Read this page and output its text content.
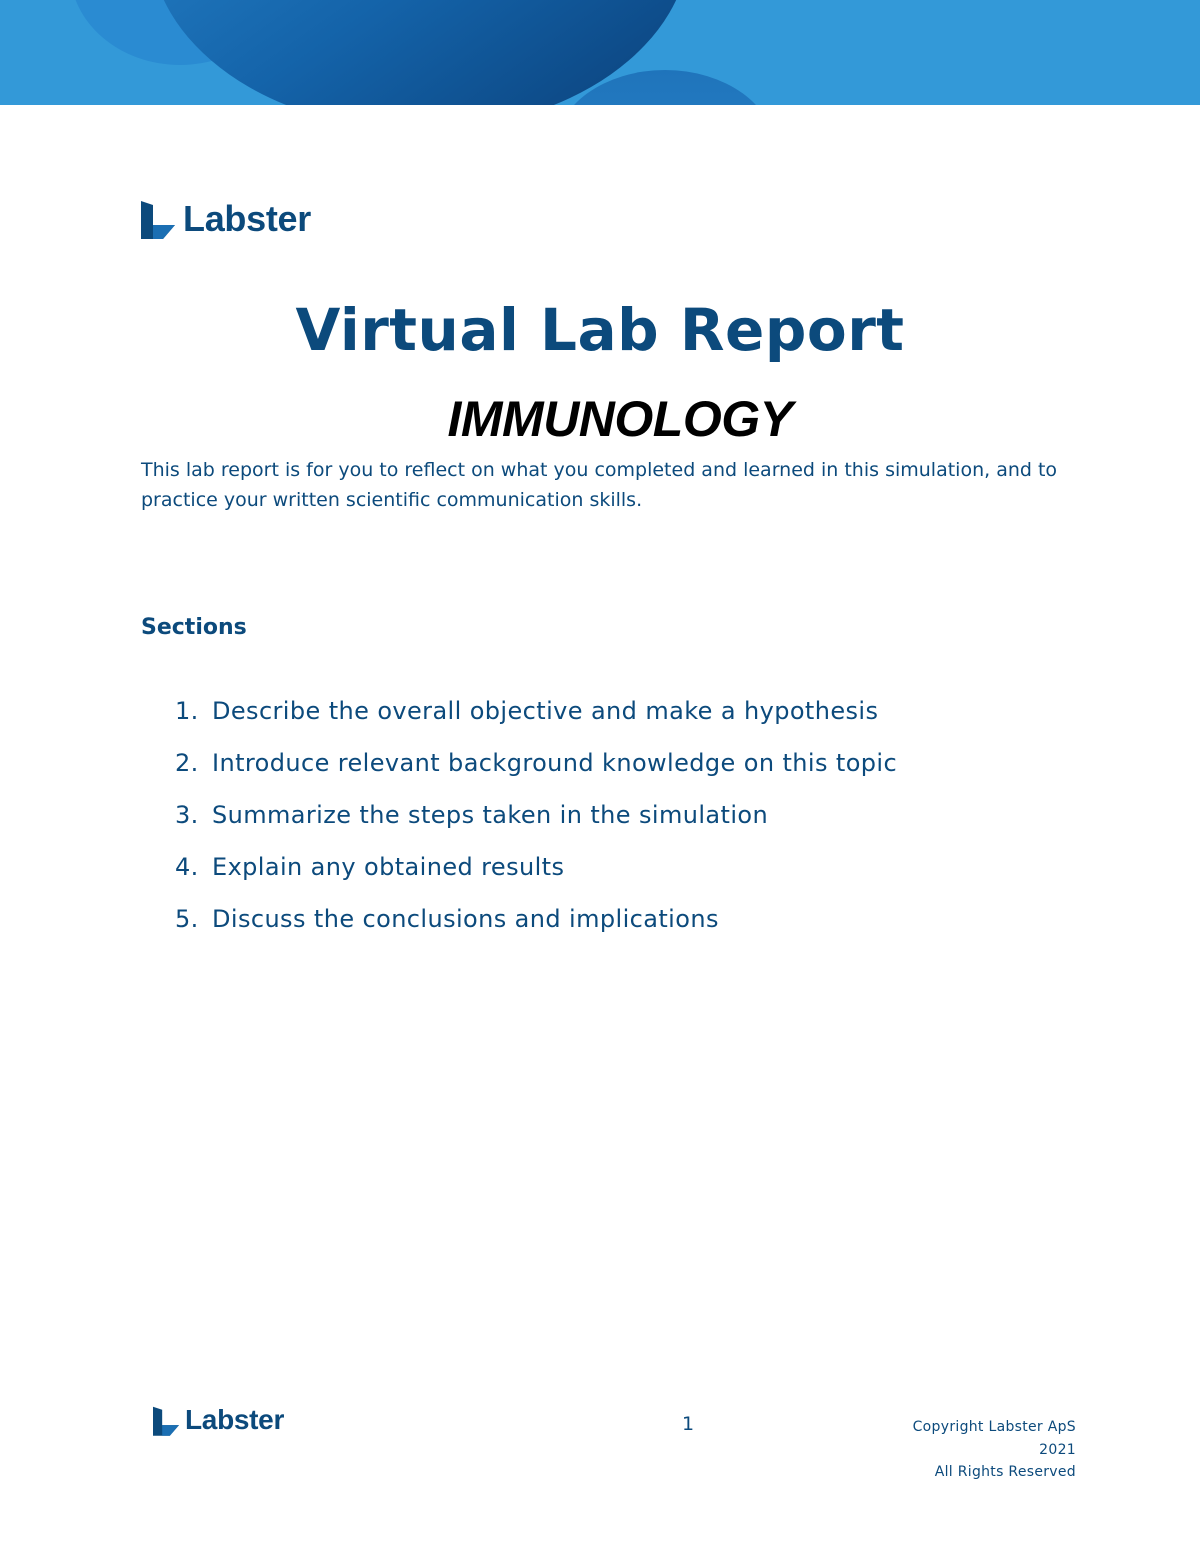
Labster
Virtual Lab Report
IMMUNOLOGY
This lab report is for you to reflect on what you completed and learned in this simulation, and to practice your written scientific communication skills.
Sections
1. Describe the overall objective and make a hypothesis
2. Introduce relevant background knowledge on this topic
3. Summarize the steps taken in the simulation
4. Explain any obtained results
5. Discuss the conclusions and implications
Labster	1	Copyright Labster ApS
2021
All Rights Reserved
